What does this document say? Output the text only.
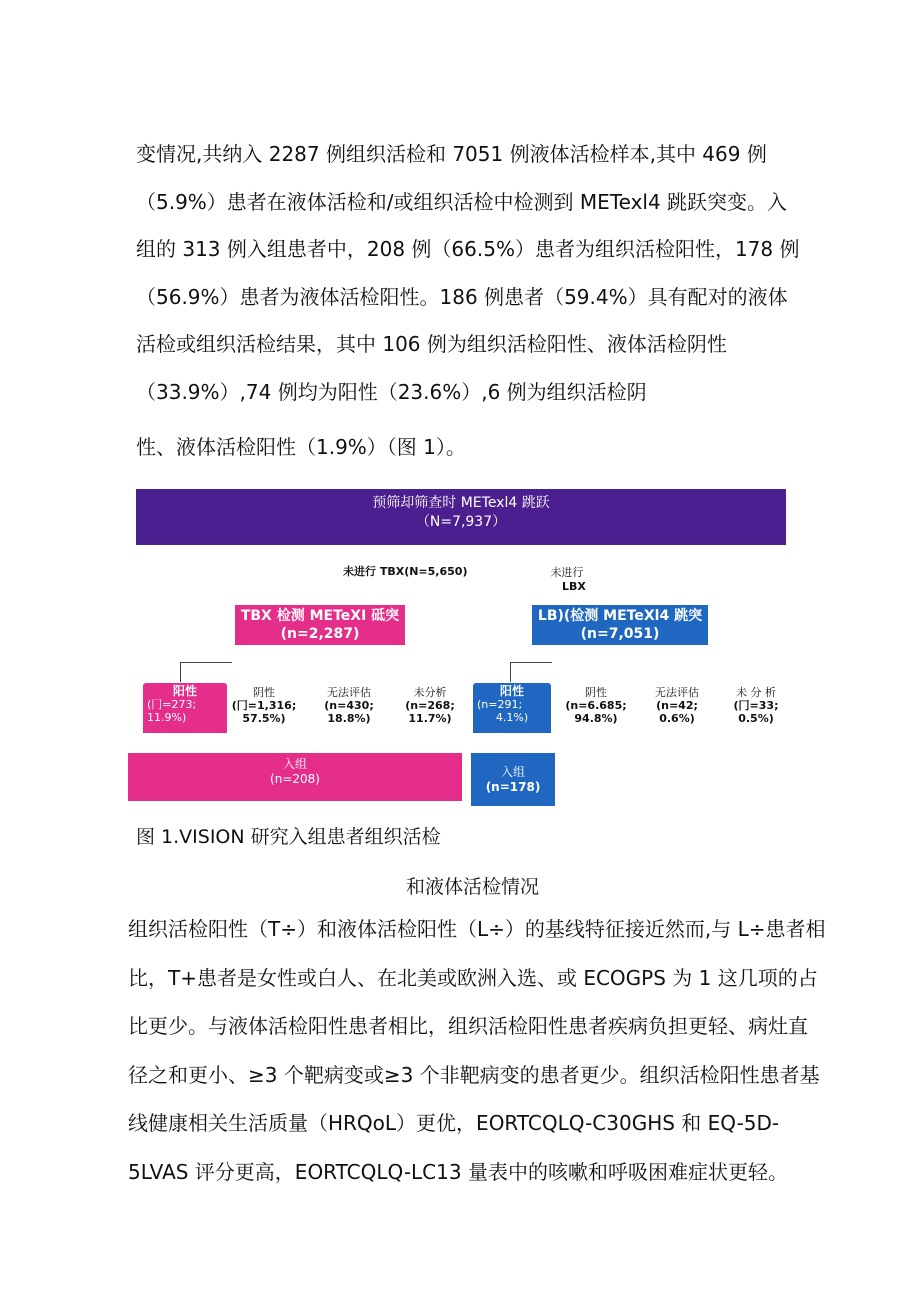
变情况,共纳入 2287 例组织活检和 7051 例液体活检样本,其中 469 例
（5.9%）患者在液体活检和/或组织活检中检测到 METexl4 跳跃突变。入
组的 313 例入组患者中，208 例（66.5%）患者为组织活检阳性，178 例
（56.9%）患者为液体活检阳性。186 例患者（59.4%）具有配对的液体
活检或组织活检结果，其中 106 例为组织活检阳性、液体活检阴性
（33.9%）,74 例均为阳性（23.6%）,6 例为组织活检阴
性、液体活检阳性（1.9%）（图 1）。
预筛却筛查时 METexl4 跳跃
（N=7,937）
未进行 TBX(N=5,650)	未进行
LBX
TBX 检测 METeXI 砥突
(n=2,287)
LB)(检测 METeXl4 跳突
(n=7,051)
阳性
(冂=273;
11.9%)
阴性
(冂=1,316;
57.5%)
无法评估
(n=430;
18.8%)
未分析
(n=268;
11.7%)
阳性
(n=291;
4.1%)
阴性
(n=6.685;
94.8%)
无法评估
(n=42;
0.6%)
未 分 析
(冂=33;
0.5%)
入组
(n=208)	入组
(n=178)
图 1.VISION 研究入组患者组织活检
和液体活检情况
组织活检阳性（T÷）和液体活检阳性（L÷）的基线特征接近然而,与 L÷患者相
比，T+患者是女性或白人、在北美或欧洲入选、或 ECOGPS 为 1 这几项的占
比更少。与液体活检阳性患者相比，组织活检阳性患者疾病负担更轻、病灶直
径之和更小、≥3 个靶病变或≥3 个非靶病变的患者更少。组织活检阳性患者基
线健康相关生活质量（HRQoL）更优，EORTCQLQ-C30GHS 和 EQ-5D-
5LVAS 评分更高，EORTCQLQ-LC13 量表中的咳嗽和呼吸困难症状更轻。
